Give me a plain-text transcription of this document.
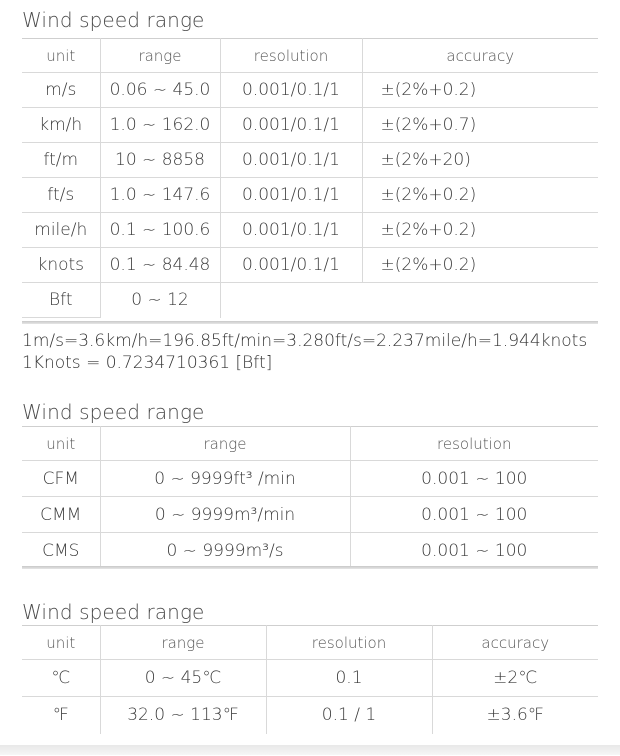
Wind speed range
unit	range	resolution	accuracy
m/s	0.06 ~ 45.0	0.001/0.1/1	±(2%+0.2)
km/h	1.0 ~ 162.0	0.001/0.1/1	±(2%+0.7)
ft/m	10 ~ 8858	0.001/0.1/1	±(2%+20)
ft/s	1.0 ~ 147.6	0.001/0.1/1	±(2%+0.2)
mile/h	0.1 ~ 100.6	0.001/0.1/1	±(2%+0.2)
knots	0.1 ~ 84.48	0.001/0.1/1	±(2%+0.2)
Bft	0 ~ 12		
1m/s=3.6km/h=196.85ft/min=3.280ft/s=2.237mile/h=1.944knots
1Knots = 0.7234710361 [Bft]
Wind speed range
unit	range	resolution
CFM	0 ~ 9999ft³ /min	0.001 ~ 100
CMM	0 ~ 9999m³/min	0.001 ~ 100
CMS	0 ~ 9999m³/s	0.001 ~ 100
Wind speed range
unit	range	resolution	accuracy
℃	0 ~ 45℃	0.1	±2℃
℉	32.0 ~ 113℉	0.1 / 1	±3.6℉
